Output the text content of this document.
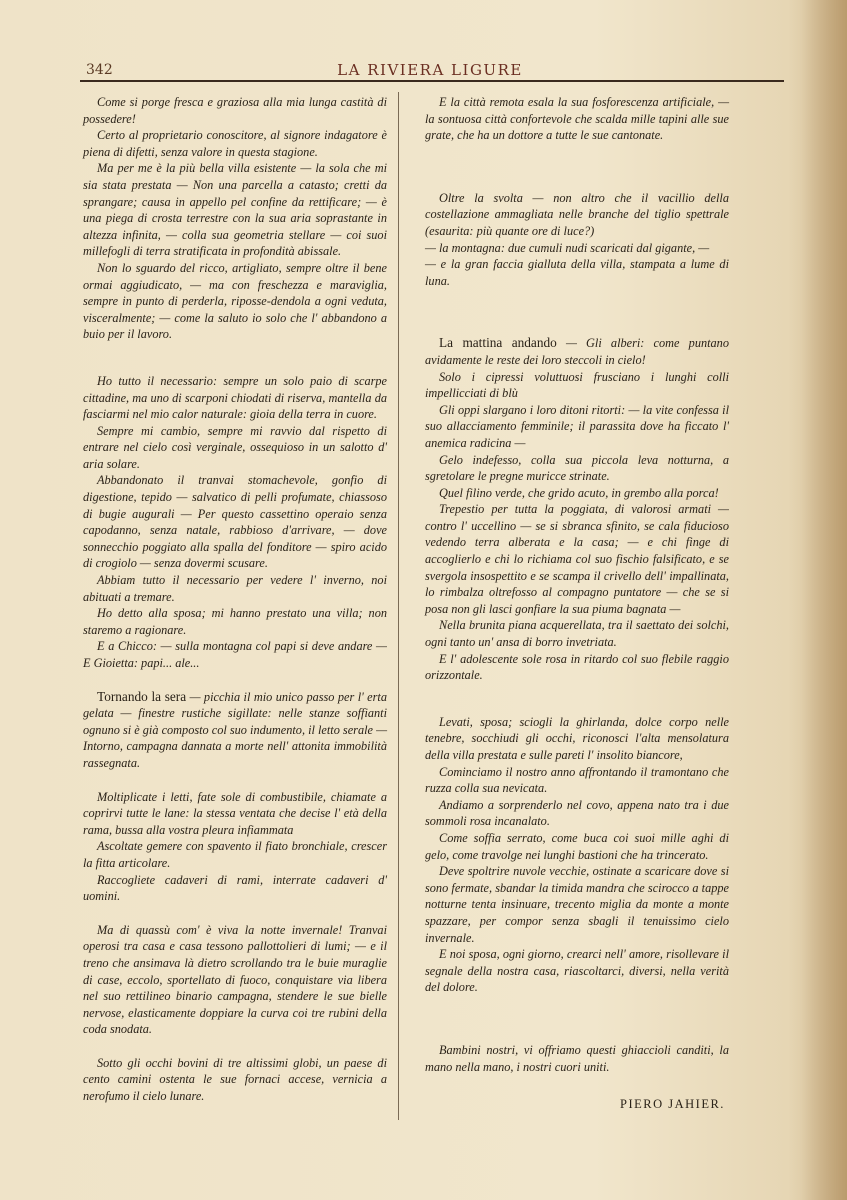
342	LA RIVIERA LIGURE

Come si porge fresca e graziosa alla mia lunga castità di possedere!

Certo al proprietario conoscitore, al signore indagatore è piena di difetti, senza valore in questa stagione.

Ma per me è la più bella villa esistente — la sola che mi sia stata prestata — Non una parcella a catasto; cretti da sprangare; causa in appello pel confine da rettificare; — è una piega di crosta terrestre con la sua aria soprastante in altezza infinita, — colla sua geometria stellare — coi suoi millefogli di terra stratificata in profondità abissale.

Non lo sguardo del ricco, artigliato, sempre oltre il bene ormai aggiudicato, — ma con freschezza e maraviglia, sempre in punto di perderla, riposse-dendola a ogni veduta, visceralmente; — come la saluto io solo che l' abbandono a buio per il lavoro.

Ho tutto il necessario: sempre un solo paio di scarpe cittadine, ma uno di scarponi chiodati di riserva, mantella da fasciarmi nel mio calor naturale: gioia della terra in cuore.

Sempre mi cambio, sempre mi ravvio dal rispetto di entrare nel cielo così verginale, ossequioso in un salotto d' aria solare.

Abbandonato il tranvai stomachevole, gonfio di digestione, tepido — salvatico di pelli profumate, chiassoso di bugie augurali — Per questo cassettino operaio senza capodanno, senza natale, rabbioso d'arrivare, — dove sonnecchio poggiato alla spalla del fonditore — spiro acido di crogiolo — senza dovermi scusare.

Abbiam tutto il necessario per vedere l' inverno, noi abituati a tremare.

Ho detto alla sposa; mi hanno prestato una villa; non staremo a ragionare.

E a Chicco: — sulla montagna col papi si deve andare — E Gioietta: papi... ale...

Tornando la sera — picchia il mio unico passo per l' erta gelata — finestre rustiche sigillate: nelle stanze soffianti ognuno si è già composto col suo indumento, il letto serale — Intorno, campagna dannata a morte nell' attonita immobilità rassegnata.

Moltiplicate i letti, fate sole di combustibile, chiamate a coprirvi tutte le lane: la stessa ventata che decise l' età della rama, bussa alla vostra pleura infiammata

Ascoltate gemere con spavento il fiato bronchiale, crescer la fitta articolare.

Raccogliete cadaveri di rami, interrate cadaveri d' uomini.

Ma di quassù com' è viva la notte invernale! Tranvai operosi tra casa e casa tessono pallottolieri di lumi; — e il treno che ansimava là dietro scrollando tra le buie muraglie di case, eccolo, sportellato di fuoco, conquistare via libera nel suo rettilineo binario campagna, stendere le sue bielle nervose, elasticamente doppiare la curva coi tre rubini della coda snodata.

Sotto gli occhi bovini di tre altissimi globi, un paese di cento camini ostenta le sue fornaci accese, vernicia a nerofumo il cielo lunare.

E la città remota esala la sua fosforescenza artificiale, — la sontuosa città confortevole che scalda mille tapini alle sue grate, che ha un dottore a tutte le sue cantonate.

Oltre la svolta — non altro che il vacillio della costellazione ammagliata nelle branche del tiglio spettrale (esaurita: più quante ore di luce?)

— la montagna: due cumuli nudi scaricati dal gigante, —

— e la gran faccia gialluta della villa, stampata a lume di luna.

La mattina andando — Gli alberi: come puntano avidamente le reste dei loro steccoli in cielo!

Solo i cipressi voluttuosi frusciano i lunghi colli impellicciati di blù

Gli oppi slargano i loro ditoni ritorti: — la vite confessa il suo allacciamento femminile; il parassita dove ha ficcato l' anemica radicina —

Gelo indefesso, colla sua piccola leva notturna, a sgretolare le pregne muricce strinate.

Quel filino verde, che grido acuto, in grembo alla porca!

Trepestio per tutta la poggiata, di valorosi armati — contro l' uccellino — se si sbranca sfinito, se cala fiducioso vedendo terra alberata e la casa; — e chi finge di accoglierlo e chi lo richiama col suo fischio falsificato, e se svergola insospettito e se scampa il crivello dell' impallinata, lo rimbalza oltrefosso al compagno puntatore — che se si posa non gli lasci gonfiare la sua piuma bagnata —

Nella brunita piana acquerellata, tra il saettato dei solchi, ogni tanto un' ansa di borro invetriata.

E l' adolescente sole rosa in ritardo col suo flebile raggio orizzontale.

Levati, sposa; sciogli la ghirlanda, dolce corpo nelle tenebre, socchiudi gli occhi, riconosci l'alta mensolatura della villa prestata e sulle pareti l' insolito biancore,

Cominciamo il nostro anno affrontando il tramontano che ruzza colla sua nevicata.

Andiamo a sorprenderlo nel covo, appena nato tra i due sommoli rosa incanalato.

Come soffia serrato, come buca coi suoi mille aghi di gelo, come travolge nei lunghi bastioni che ha trincerato.

Deve spoltrire nuvole vecchie, ostinate a scaricare dove si sono fermate, sbandar la timida mandra che scirocco a tappe notturne tenta insinuare, trecento miglia da monte a monte spazzare, per compor senza sbagli il tenuissimo cielo invernale.

E noi sposa, ogni giorno, crearci nell' amore, risollevare il segnale della nostra casa, riascoltarci, diversi, nella verità del dolore.

Bambini nostri, vi offriamo questi ghiaccioli canditi, la mano nella mano, i nostri cuori uniti.

PIERO JAHIER.
